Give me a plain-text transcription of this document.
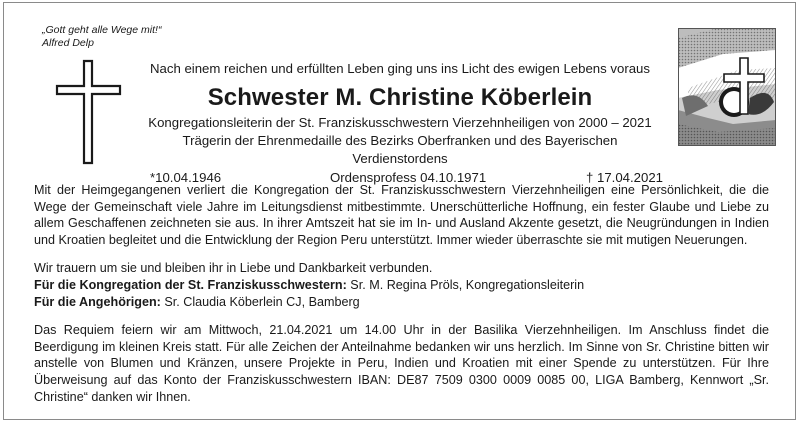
„Gott geht alle Wege mit!“
Alfred Delp
Nach einem reichen und erfüllten Leben ging uns ins Licht des ewigen Lebens voraus
Schwester M. Christine Köberlein
Kongregationsleiterin der St. Franziskusschwestern Vierzehnheiligen von 2000 – 2021
Trägerin der Ehrenmedaille des Bezirks Oberfranken und des Bayerischen Verdienstordens
*10.04.1946	Ordensprofess 04.10.1971	† 17.04.2021

Mit der Heimgegangenen verliert die Kongregation der St. Franziskusschwestern Vierzehnheiligen eine Persönlichkeit, die die Wege der Gemeinschaft viele Jahre im Leitungsdienst mitbestimmte. Unerschütterliche Hoffnung, ein fester Glaube und Liebe zu allem Geschaffenen zeichneten sie aus. In ihrer Amtszeit hat sie im In- und Ausland Akzente gesetzt, die Neugründungen in Indien und Kroatien begleitet und die Entwicklung der Region Peru unterstützt. Immer wieder überraschte sie mit mutigen Neuerungen.

Wir trauern um sie und bleiben ihr in Liebe und Dankbarkeit verbunden.

Für die Kongregation der St. Franziskusschwestern: Sr. M. Regina Pröls, Kongregationsleiterin

Für die Angehörigen: Sr. Claudia Köberlein CJ, Bamberg

Das Requiem feiern wir am Mittwoch, 21.04.2021 um 14.00 Uhr in der Basilika Vierzehnheiligen. Im Anschluss findet die Beerdigung im kleinen Kreis statt. Für alle Zeichen der Anteilnahme bedanken wir uns herzlich. Im Sinne von Sr. Christine bitten wir anstelle von Blumen und Kränzen, unsere Projekte in Peru, Indien und Kroatien mit einer Spende zu unterstützen. Für Ihre Überweisung auf das Konto der Franziskusschwestern IBAN: DE87 7509 0300 0009 0085 00, LIGA Bamberg, Kennwort „Sr. Christine“ danken wir Ihnen.
